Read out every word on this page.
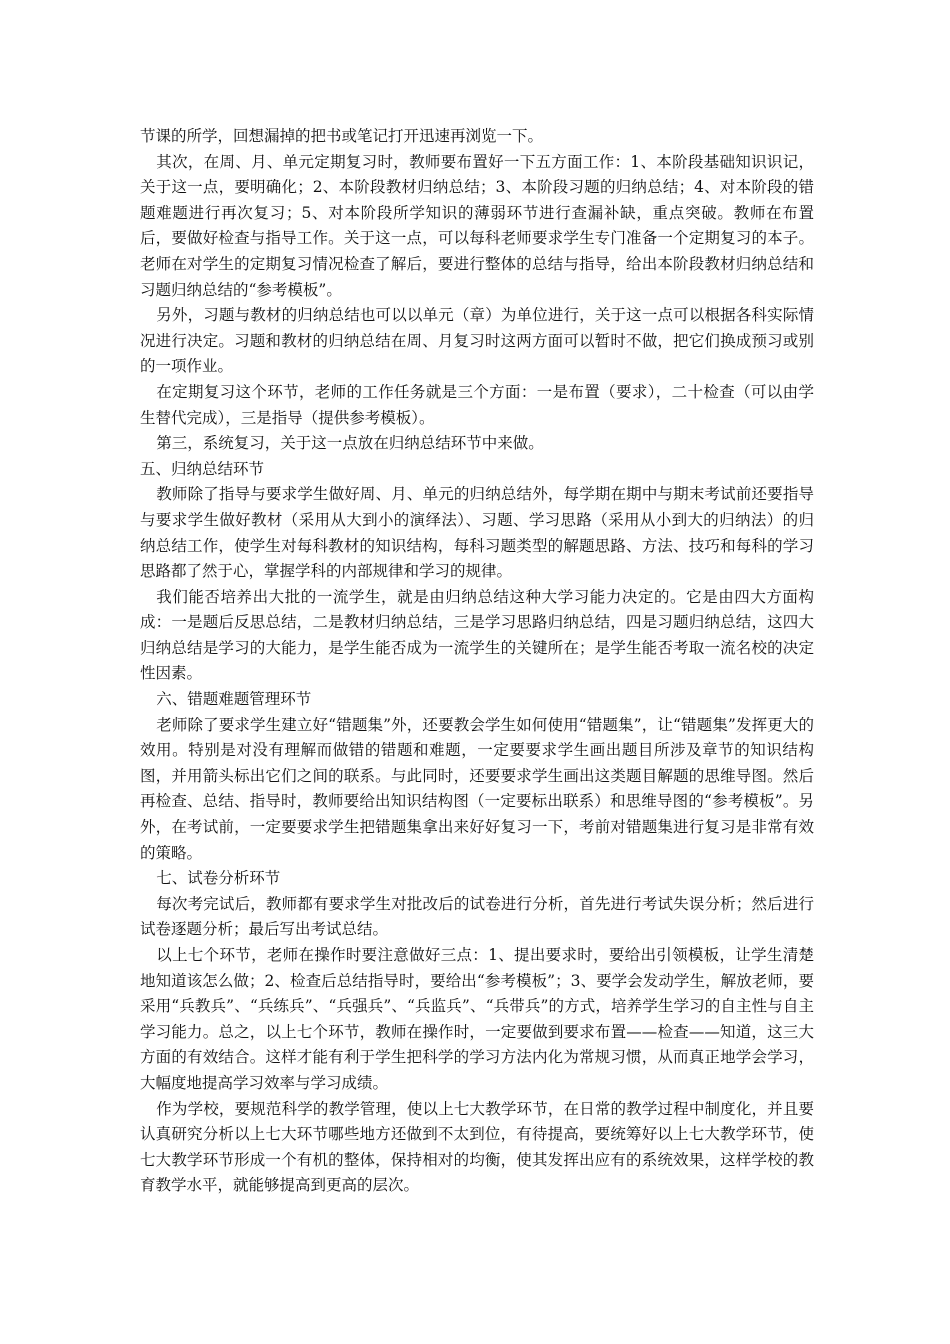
节课的所学，回想漏掉的把书或笔记打开迅速再浏览一下。

其次，在周、月、单元定期复习时，教师要布置好一下五方面工作：1、本阶段基础知识识记，关于这一点，要明确化；2、本阶段教材归纳总结；3、本阶段习题的归纳总结；4、对本阶段的错题难题进行再次复习；5、对本阶段所学知识的薄弱环节进行查漏补缺，重点突破。教师在布置后，要做好检查与指导工作。关于这一点，可以每科老师要求学生专门准备一个定期复习的本子。老师在对学生的定期复习情况检查了解后，要进行整体的总结与指导，给出本阶段教材归纳总结和习题归纳总结的“参考模板”。

另外，习题与教材的归纳总结也可以以单元（章）为单位进行，关于这一点可以根据各科实际情况进行决定。习题和教材的归纳总结在周、月复习时这两方面可以暂时不做，把它们换成预习或别的一项作业。

在定期复习这个环节，老师的工作任务就是三个方面：一是布置（要求），二十检查（可以由学生替代完成），三是指导（提供参考模板）。

第三，系统复习，关于这一点放在归纳总结环节中来做。

五、归纳总结环节

教师除了指导与要求学生做好周、月、单元的归纳总结外，每学期在期中与期末考试前还要指导与要求学生做好教材（采用从大到小的演绎法）、习题、学习思路（采用从小到大的归纳法）的归纳总结工作，使学生对每科教材的知识结构，每科习题类型的解题思路、方法、技巧和每科的学习思路都了然于心，掌握学科的内部规律和学习的规律。

我们能否培养出大批的一流学生，就是由归纳总结这种大学习能力决定的。它是由四大方面构成：一是题后反思总结，二是教材归纳总结，三是学习思路归纳总结，四是习题归纳总结，这四大归纳总结是学习的大能力，是学生能否成为一流学生的关键所在；是学生能否考取一流名校的决定性因素。

六、错题难题管理环节

老师除了要求学生建立好“错题集”外，还要教会学生如何使用“错题集”，让“错题集”发挥更大的效用。特别是对没有理解而做错的错题和难题，一定要要求学生画出题目所涉及章节的知识结构图，并用箭头标出它们之间的联系。与此同时，还要要求学生画出这类题目解题的思维导图。然后再检查、总结、指导时，教师要给出知识结构图（一定要标出联系）和思维导图的“参考模板”。另外，在考试前，一定要要求学生把错题集拿出来好好复习一下，考前对错题集进行复习是非常有效的策略。

七、试卷分析环节

每次考完试后，教师都有要求学生对批改后的试卷进行分析，首先进行考试失误分析；然后进行试卷逐题分析；最后写出考试总结。

以上七个环节，老师在操作时要注意做好三点：1、提出要求时，要给出引领模板，让学生清楚地知道该怎么做；2、检查后总结指导时，要给出“参考模板”；3、要学会发动学生，解放老师，要采用“兵教兵”、“兵练兵”、“兵强兵”、“兵监兵”、“兵带兵”的方式，培养学生学习的自主性与自主学习能力。总之，以上七个环节，教师在操作时，一定要做到要求布置——检查——知道，这三大方面的有效结合。这样才能有利于学生把科学的学习方法内化为常规习惯，从而真正地学会学习，大幅度地提高学习效率与学习成绩。

作为学校，要规范科学的教学管理，使以上七大教学环节，在日常的教学过程中制度化，并且要认真研究分析以上七大环节哪些地方还做到不太到位，有待提高，要统筹好以上七大教学环节，使七大教学环节形成一个有机的整体，保持相对的均衡，使其发挥出应有的系统效果，这样学校的教育教学水平，就能够提高到更高的层次。
